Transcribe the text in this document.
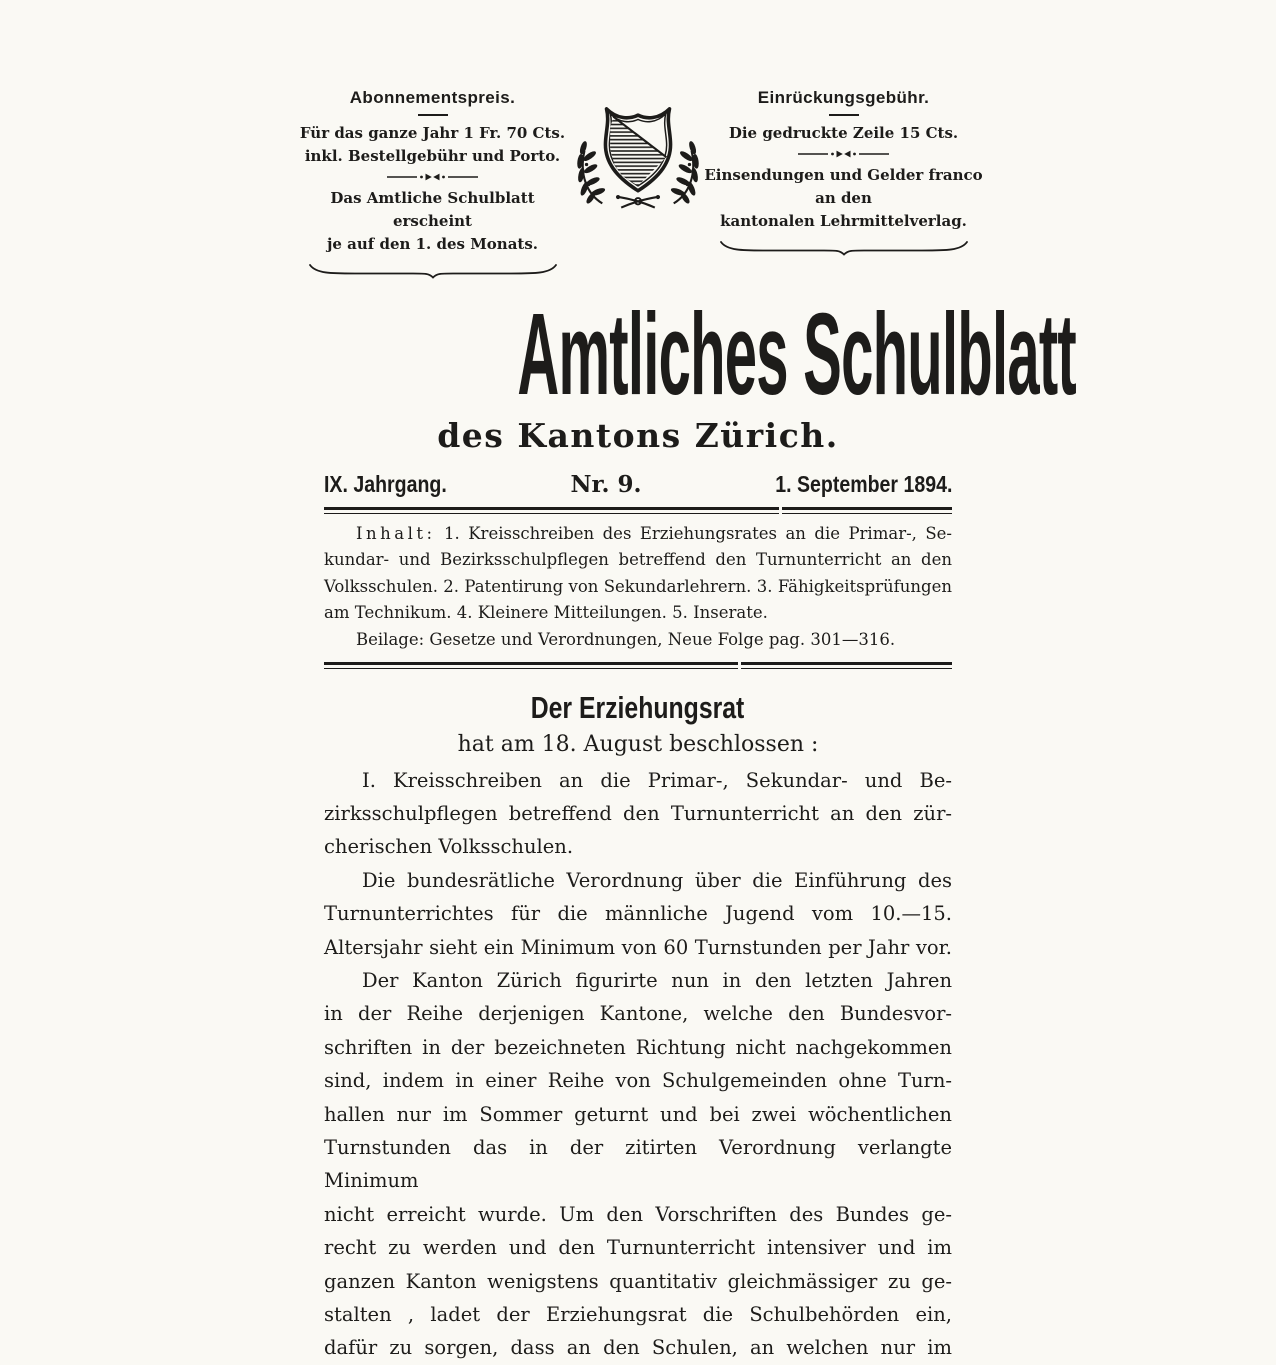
Abonnementspreis.
Für das ganze Jahr 1 Fr. 70 Cts.
inkl. Bestellgebühr und Porto.
Das Amtliche Schulblatt erscheint
je auf den 1. des Monats.
Einrückungsgebühr.
Die gedruckte Zeile 15 Cts.
Einsendungen und Gelder franco
an den
kantonalen Lehrmittelverlag.
Amtliches Schulblatt
des Kantons Zürich.
IX. Jahrgang.	Nr. 9.	1. September 1894.
Inhalt: 1. Kreisschreiben des Erziehungsrates an die Primar-, Se-
kundar- und Bezirksschulpflegen betreffend den Turnunterricht an den
Volksschulen. 2. Patentirung von Sekundarlehrern. 3. Fähigkeitsprüfungen
am Technikum. 4. Kleinere Mitteilungen. 5. Inserate.
Beilage: Gesetze und Verordnungen, Neue Folge pag. 301—316.
Der Erziehungsrat
hat am 18. August beschlossen :
I. Kreisschreiben an die Primar-, Sekundar- und Be-
zirksschulpflegen betreffend den Turnunterricht an den zür-
cherischen Volksschulen.
Die bundesrätliche Verordnung über die Einführung des
Turnunterrichtes für die männliche Jugend vom 10.—15.
Altersjahr sieht ein Minimum von 60 Turnstunden per Jahr vor.
Der Kanton Zürich figurirte nun in den letzten Jahren
in der Reihe derjenigen Kantone, welche den Bundesvor-
schriften in der bezeichneten Richtung nicht nachgekommen
sind, indem in einer Reihe von Schulgemeinden ohne Turn-
hallen nur im Sommer geturnt und bei zwei wöchentlichen
Turnstunden das in der zitirten Verordnung verlangte Minimum
nicht erreicht wurde. Um den Vorschriften des Bundes ge-
recht zu werden und den Turnunterricht intensiver und im
ganzen Kanton wenigstens quantitativ gleichmässiger zu ge-
stalten , ladet der Erziehungsrat die Schulbehörden ein,
dafür zu sorgen, dass an den Schulen, an welchen nur im
